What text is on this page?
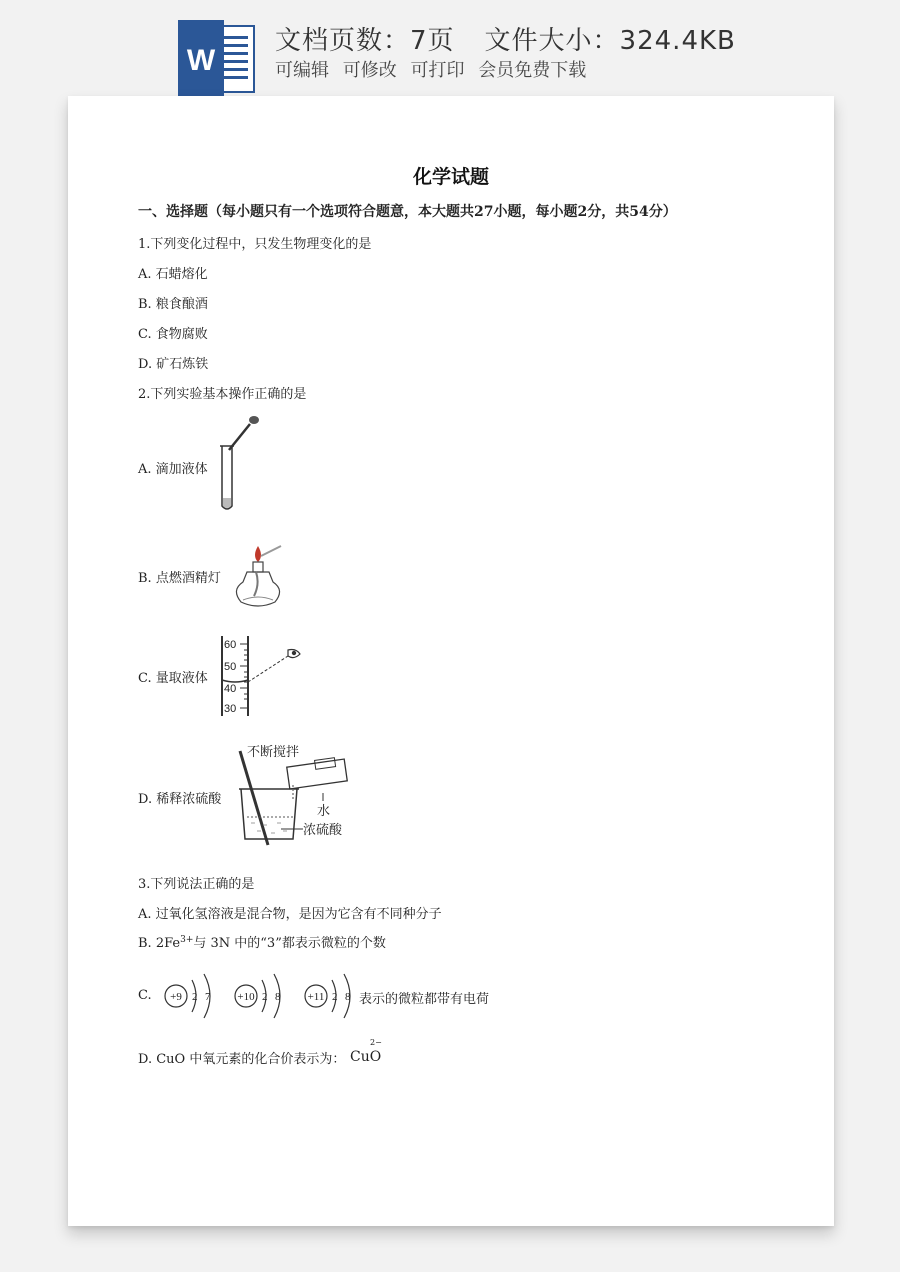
W
文档页数：7页 文件大小：324.4KB
可编辑 可修改 可打印 会员免费下载
化学试题
一、选择题（每小题只有一个选项符合题意，本大题共27小题，每小题2分，共54分）
1.下列变化过程中，只发生物理变化的是
A. 石蜡熔化
B. 粮食酿酒
C. 食物腐败
D. 矿石炼铁
2.下列实验基本操作正确的是
A. 滴加液体
B. 点燃酒精灯
C. 量取液体
60
50
40
30
D. 稀释浓硫酸
不断搅拌
水
浓硫酸
3.下列说法正确的是
A. 过氧化氢溶液是混合物，是因为它含有不同种分子
B. $2Fe^{3+}$与 3N 中的“3”都表示微粒的个数
C. +9 2 7 +10 2 8 +11 2 8 表示的微粒都带有电荷
D. CuO 中氧元素的化合价表示为：
2−
CuO
